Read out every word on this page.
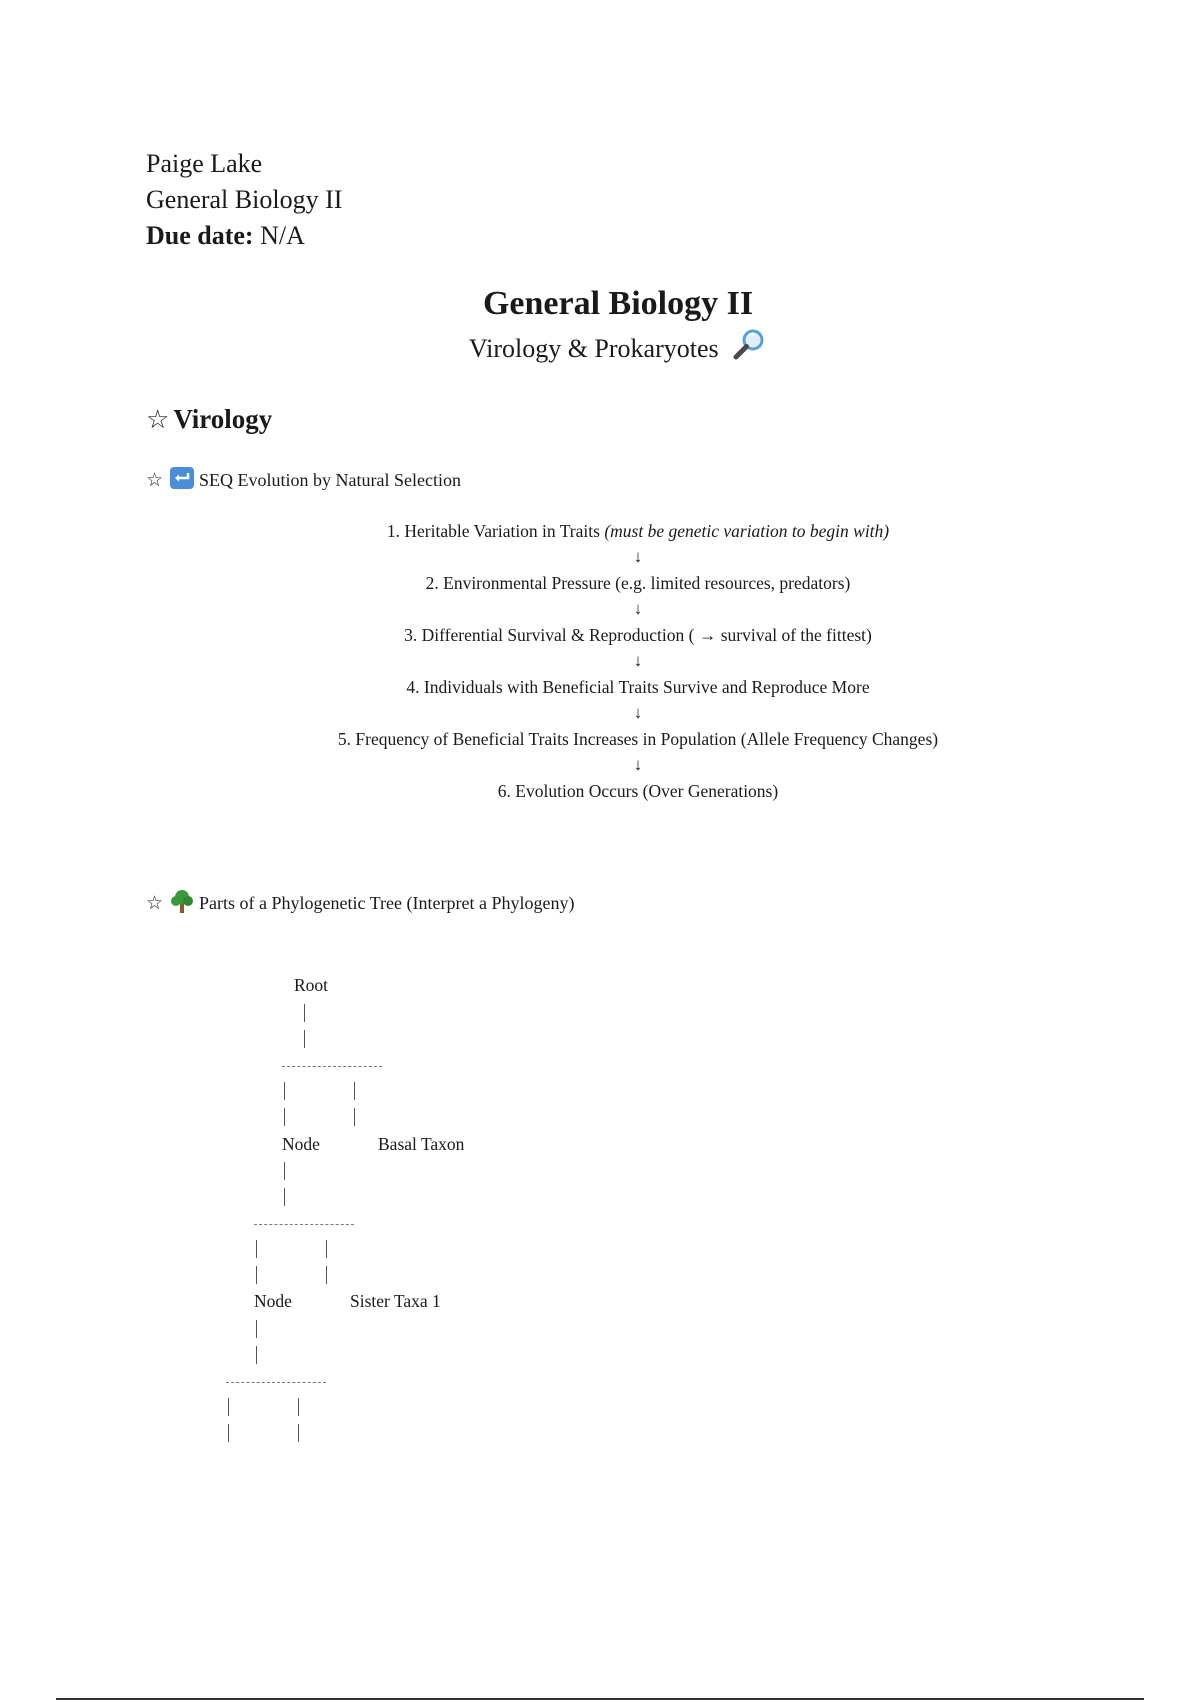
Paige Lake
General Biology II
Due date: N/A
General Biology II
Virology & Prokaryotes
☆ Virology
☆ SEQ Evolution by Natural Selection
1. Heritable Variation in Traits (must be genetic variation to begin with)
↓
2. Environmental Pressure (e.g. limited resources, predators)
↓
3. Differential Survival & Reproduction ( → survival of the fittest)
↓
4. Individuals with Beneficial Traits Survive and Reproduce More
↓
5. Frequency of Beneficial Traits Increases in Population (Allele Frequency Changes)
↓
6. Evolution Occurs (Over Generations)
☆ Parts of a Phylogenetic Tree (Interpret a Phylogeny)
Root
Node	Basal Taxon
Node	Sister Taxa 1
